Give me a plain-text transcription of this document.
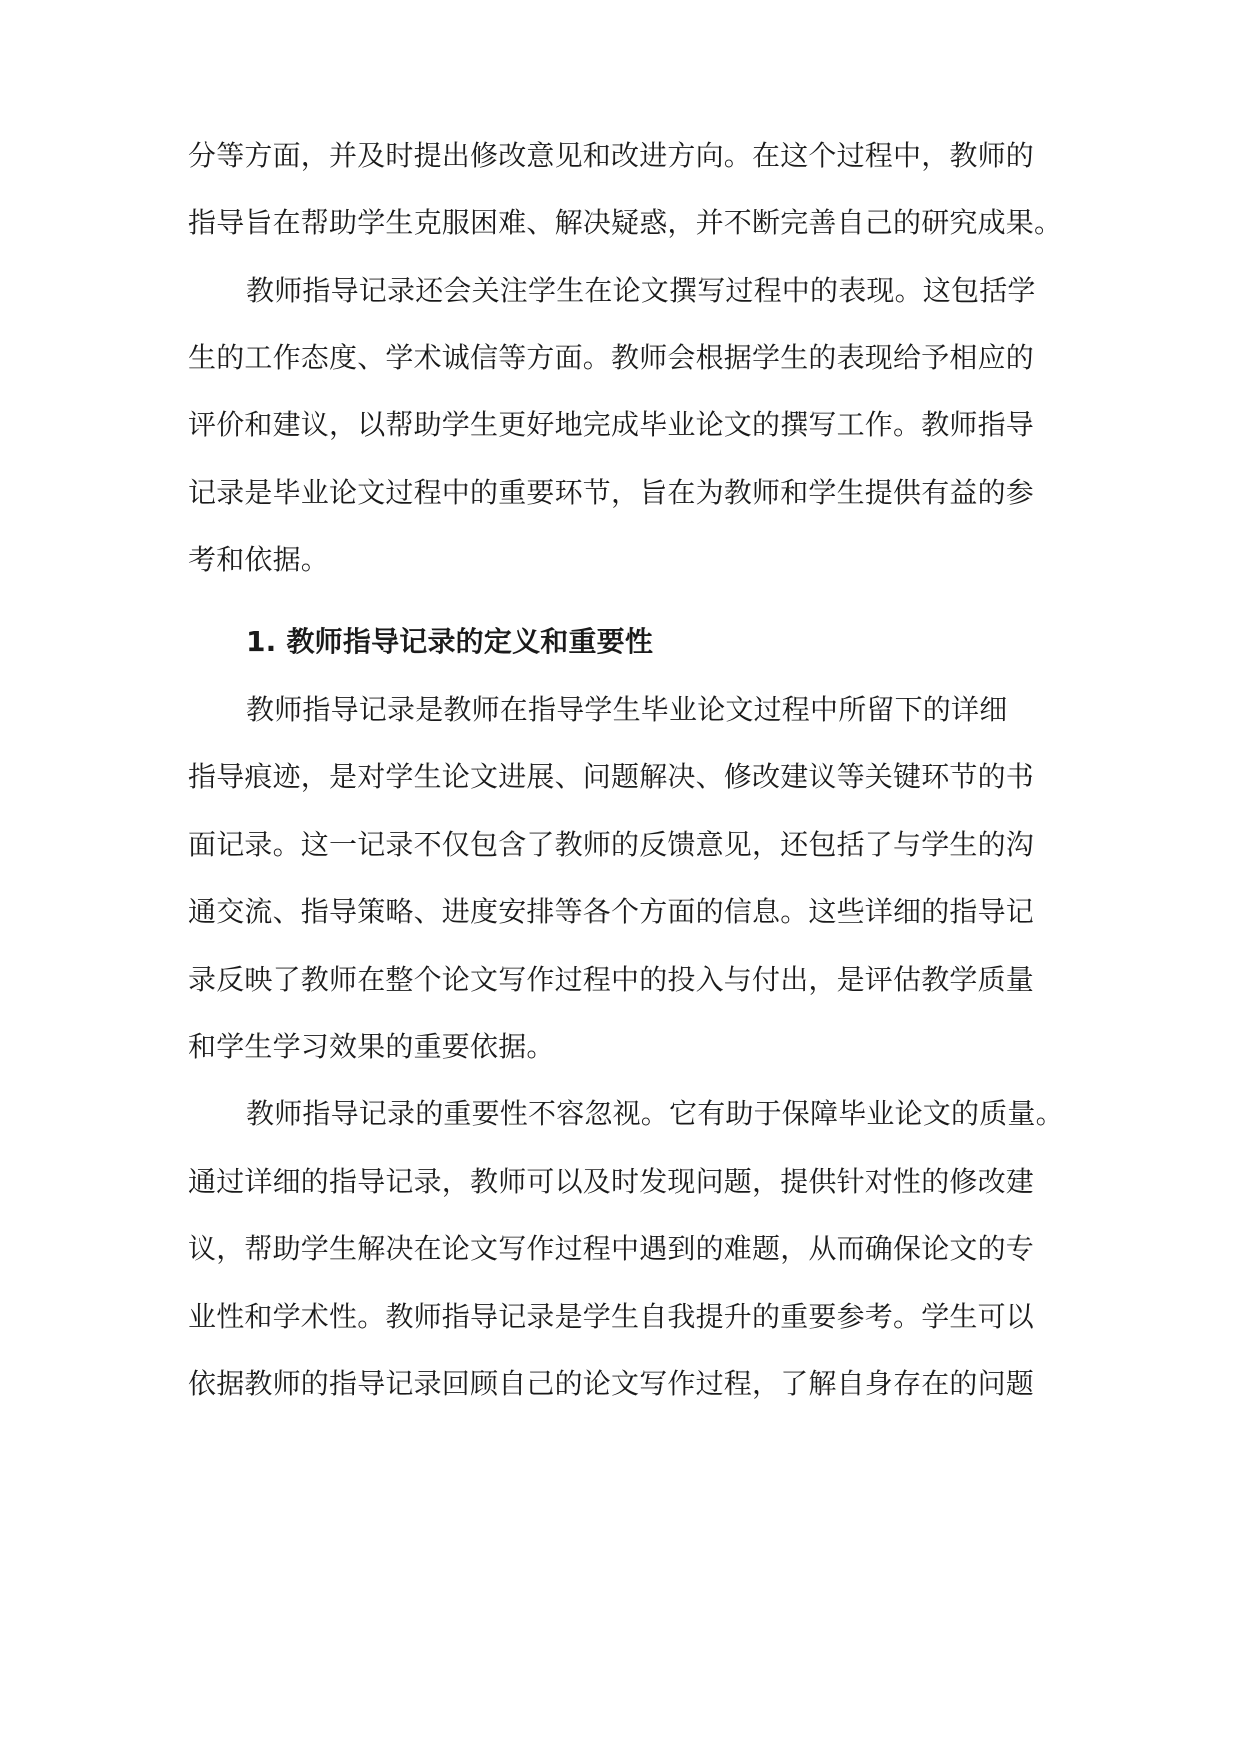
分等方面，并及时提出修改意见和改进方向。在这个过程中，教师的
指导旨在帮助学生克服困难、解决疑惑，并不断完善自己的研究成果。
教师指导记录还会关注学生在论文撰写过程中的表现。这包括学
生的工作态度、学术诚信等方面。教师会根据学生的表现给予相应的
评价和建议，以帮助学生更好地完成毕业论文的撰写工作。教师指导
记录是毕业论文过程中的重要环节，旨在为教师和学生提供有益的参
考和依据。
1. 教师指导记录的定义和重要性
教师指导记录是教师在指导学生毕业论文过程中所留下的详细
指导痕迹，是对学生论文进展、问题解决、修改建议等关键环节的书
面记录。这一记录不仅包含了教师的反馈意见，还包括了与学生的沟
通交流、指导策略、进度安排等各个方面的信息。这些详细的指导记
录反映了教师在整个论文写作过程中的投入与付出，是评估教学质量
和学生学习效果的重要依据。
教师指导记录的重要性不容忽视。它有助于保障毕业论文的质量。
通过详细的指导记录，教师可以及时发现问题，提供针对性的修改建
议，帮助学生解决在论文写作过程中遇到的难题，从而确保论文的专
业性和学术性。教师指导记录是学生自我提升的重要参考。学生可以
依据教师的指导记录回顾自己的论文写作过程，了解自身存在的问题
